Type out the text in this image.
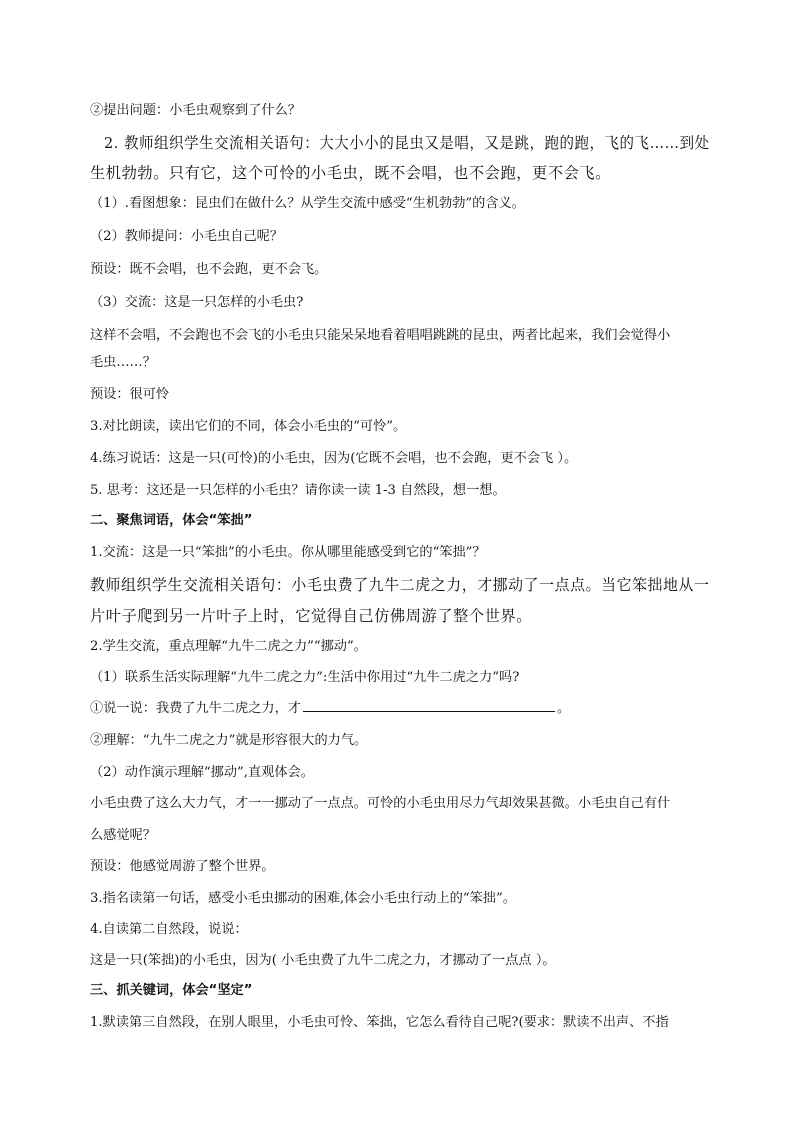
②提出问题：小毛虫观察到了什么？
2. 教师组织学生交流相关语句：大大小小的昆虫又是唱，又是跳，跑的跑，飞的飞……到处
生机勃勃。只有它，这个可怜的小毛虫，既不会唱，也不会跑，更不会飞。
（1）.看图想象：昆虫们在做什么？从学生交流中感受“生机勃勃”的含义。
（2）教师提问：小毛虫自己呢？
预设：既不会唱，也不会跑，更不会飞。
（3）交流：这是一只怎样的小毛虫?
这样不会唱，不会跑也不会飞的小毛虫只能呆呆地看着唱唱跳跳的昆虫，两者比起来，我们会觉得小
毛虫……？
预设：很可怜
3.对比朗读，读出它们的不同，体会小毛虫的“可怜”。
4.练习说话：这是一只(可怜)的小毛虫，因为(它既不会唱，也不会跑，更不会飞 ）。
5. 思考：这还是一只怎样的小毛虫？请你读一读 1-3 自然段，想一想。
二、聚焦词语，体会“笨拙”
1.交流：这是一只“笨拙”的小毛虫。你从哪里能感受到它的“笨拙”？
教师组织学生交流相关语句：小毛虫费了九牛二虎之力，才挪动了一点点。当它笨拙地从一
片叶子爬到另一片叶子上时，它觉得自己仿佛周游了整个世界。
2.学生交流，重点理解“九牛二虎之力”“挪动”。
（1）联系生活实际理解“九牛二虎之力”:生活中你用过“九牛二虎之力”吗?
①说一说：我费了九牛二虎之力，才	。
②理解：“九牛二虎之力”就是形容很大的力气。
（2）动作演示理解“挪动”,直观体会。
小毛虫费了这么大力气，才一一挪动了一点点。可怜的小毛虫用尽力气却效果甚微。小毛虫自己有什
么感觉呢？
预设：他感觉周游了整个世界。
3.指名读第一句话，感受小毛虫挪动的困难,体会小毛虫行动上的“笨拙”。
4.自读第二自然段，说说：
这是一只(笨拙)的小毛虫，因为( 小毛虫费了九牛二虎之力，才挪动了一点点 ）。
三、抓关键词，体会“坚定”
1.默读第三自然段，在别人眼里，小毛虫可怜、笨拙，它怎么看待自己呢?(要求：默读不出声、不指
